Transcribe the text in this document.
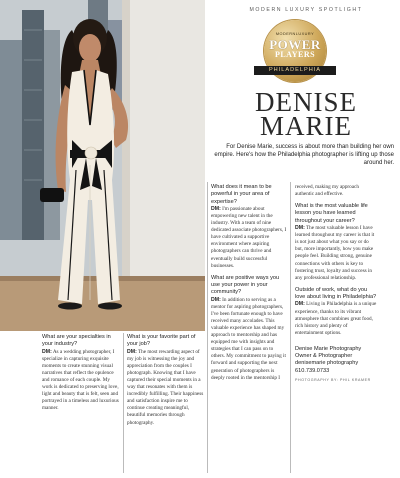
MODERN LUXURY SPOTLIGHT
MODERNLUXURY
POWER
PLAYERS
PHILADELPHIA
DENISE
MARIE
For Denise Marie, success is about more than building her own empire. Here's how the Philadelphia photographer is lifting up those around her.

What are your specialties in your industry?

DM: As a wedding photographer, I specialize in capturing exquisite moments to create stunning visual narratives that reflect the opulence and romance of each couple. My work is dedicated to preserving love, light and beauty that is felt, seen and portrayed in a timeless and luxurious manner.

What is your favorite part of your job?

DM: The most rewarding aspect of my job is witnessing the joy and appreciation from the couples I photograph. Knowing that I have captured their special moments in a way that resonates with them is incredibly fulfilling. Their happiness and satisfaction inspire me to continue creating meaningful, beautiful memories through photography.

What does it mean to be powerful in your area of expertise?

DM: I'm passionate about empowering new talent in the industry. With a team of nine dedicated associate photographers, I have cultivated a supportive environment where aspiring photographers can thrive and eventually build successful businesses.

What are positive ways you use your power in your community?

DM: In addition to serving as a mentor for aspiring photographers, I've been fortunate enough to have received many accolades. This valuable experience has shaped my approach to mentorship and has equipped me with insights and strategies that I can pass on to others. My commitment to paying it forward and supporting the next generation of photographers is deeply rooted in the mentorship I

received, making my approach authentic and effective.

What is the most valuable life lesson you have learned throughout your career?

DM: The most valuable lesson I have learned throughout my career is that it is not just about what you say or do but, more importantly, how you make people feel. Building strong, genuine connections with others is key to fostering trust, loyalty and success in any professional relationship.

Outside of work, what do you love about living in Philadelphia?

DM: Living in Philadelphia is a unique experience, thanks to its vibrant atmosphere that combines great food, rich history and plenty of entertainment options.

Denise Marie Photography

Owner & Photographer

denisemarie photography

610.739.0733

PHOTOGRAPHY BY: PHIL KRAMER
